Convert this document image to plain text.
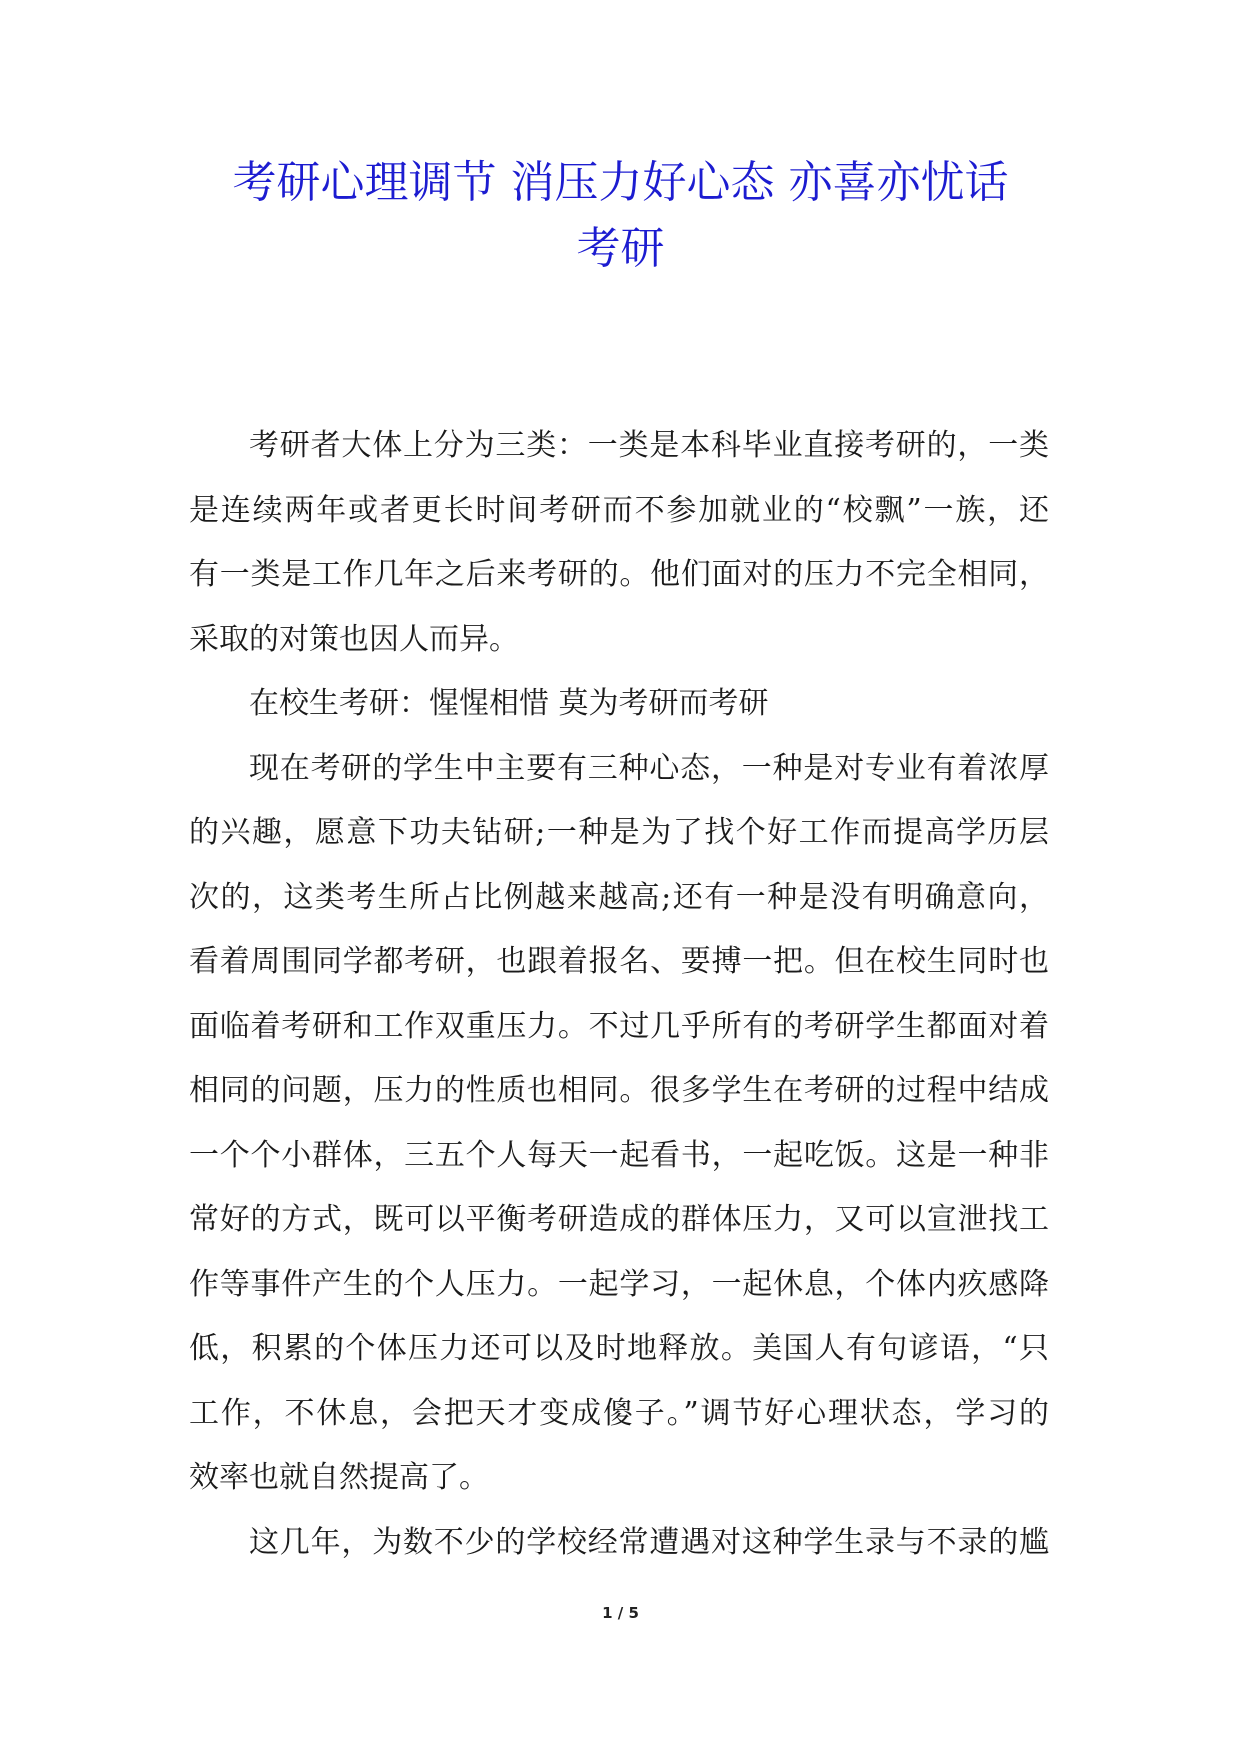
考研心理调节 消压力好心态 亦喜亦忧话
考研
考研者大体上分为三类：一类是本科毕业直接考研的，一类
是连续两年或者更长时间考研而不参加就业的“校飘”一族，还
有一类是工作几年之后来考研的。他们面对的压力不完全相同，
采取的对策也因人而异。
在校生考研：惺惺相惜 莫为考研而考研
现在考研的学生中主要有三种心态，一种是对专业有着浓厚
的兴趣，愿意下功夫钻研;一种是为了找个好工作而提高学历层
次的，这类考生所占比例越来越高;还有一种是没有明确意向，
看着周围同学都考研，也跟着报名、要搏一把。但在校生同时也
面临着考研和工作双重压力。不过几乎所有的考研学生都面对着
相同的问题，压力的性质也相同。很多学生在考研的过程中结成
一个个小群体，三五个人每天一起看书，一起吃饭。这是一种非
常好的方式，既可以平衡考研造成的群体压力，又可以宣泄找工
作等事件产生的个人压力。一起学习，一起休息，个体内疚感降
低，积累的个体压力还可以及时地释放。美国人有句谚语，“只
工作，不休息，会把天才变成傻子。”调节好心理状态，学习的
效率也就自然提高了。
这几年，为数不少的学校经常遭遇对这种学生录与不录的尴
1 / 5
